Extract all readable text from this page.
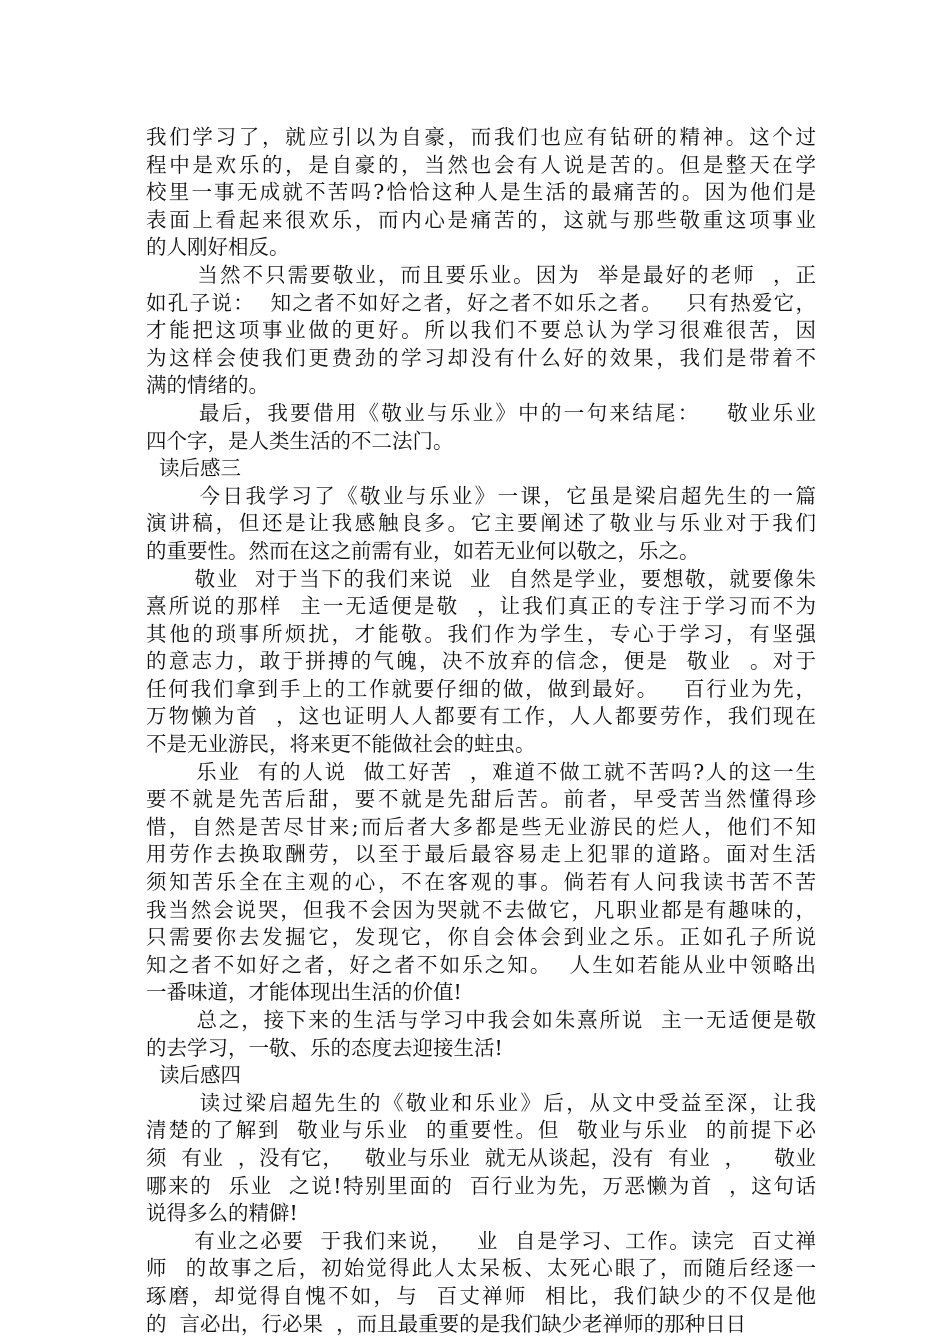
我们学习了，就应引以为自豪，而我们也应有钻研的精神。这个过
程中是欢乐的，是自豪的，当然也会有人说是苦的。但是整天在学
校里一事无成就不苦吗?恰恰这种人是生活的最痛苦的。因为他们是
表面上看起来很欢乐，而内心是痛苦的，这就与那些敬重这项事业
的人刚好相反。
当然不只需要敬业，而且要乐业。因为  举是最好的老师  ，正
如孔子说：  知之者不如好之者，好之者不如乐之者。   只有热爱它，
才能把这项事业做的更好。所以我们不要总认为学习很难很苦，因
为这样会使我们更费劲的学习却没有什么好的效果，我们是带着不
满的情绪的。
最后，我要借用《敬业与乐业》中的一句来结尾：   敬业乐业
四个字，是人类生活的不二法门。
读后感三
今日我学习了《敬业与乐业》一课，它虽是梁启超先生的一篇
演讲稿，但还是让我感触良多。它主要阐述了敬业与乐业对于我们
的重要性。然而在这之前需有业，如若无业何以敬之，乐之。
敬业  对于当下的我们来说  业  自然是学业，要想敬，就要像朱
熹所说的那样  主一无适便是敬  ，让我们真正的专注于学习而不为
其他的琐事所烦扰，才能敬。我们作为学生，专心于学习，有坚强
的意志力，敢于拼搏的气魄，决不放弃的信念，便是  敬业  。对于
任何我们拿到手上的工作就要仔细的做，做到最好。   百行业为先，
万物懒为首  ，这也证明人人都要有工作，人人都要劳作，我们现在
不是无业游民，将来更不能做社会的蛀虫。
乐业  有的人说  做工好苦  ，难道不做工就不苦吗?人的这一生
要不就是先苦后甜，要不就是先甜后苦。前者，早受苦当然懂得珍
惜，自然是苦尽甘来;而后者大多都是些无业游民的烂人，他们不知
用劳作去换取酬劳，以至于最后最容易走上犯罪的道路。面对生活
须知苦乐全在主观的心，不在客观的事。倘若有人问我读书苦不苦
我当然会说哭，但我不会因为哭就不去做它，凡职业都是有趣味的，
只需要你去发掘它，发现它，你自会体会到业之乐。正如孔子所说
知之者不如好之者，好之者不如乐之知。  人生如若能从业中领略出
一番味道，才能体现出生活的价值!
总之，接下来的生活与学习中我会如朱熹所说  主一无适便是敬
的去学习，一敬、乐的态度去迎接生活!
读后感四
读过梁启超先生的《敬业和乐业》后，从文中受益至深，让我
清楚的了解到  敬业与乐业  的重要性。但  敬业与乐业  的前提下必
须  有业  ，没有它，   敬业与乐业  就无从谈起，没有  有业  ，    敬业
哪来的  乐业  之说!特别里面的  百行业为先，万恶懒为首  ，这句话
说得多么的精僻!
有业之必要  于我们来说，   业  自是学习、工作。读完  百丈禅
师  的故事之后，初始觉得此人太呆板、太死心眼了，而随后经逐一
琢磨，却觉得自愧不如，与  百丈禅师  相比，我们缺少的不仅是他
的  言必出，行必果  ，而且最重要的是我们缺少老禅师的那种日日
